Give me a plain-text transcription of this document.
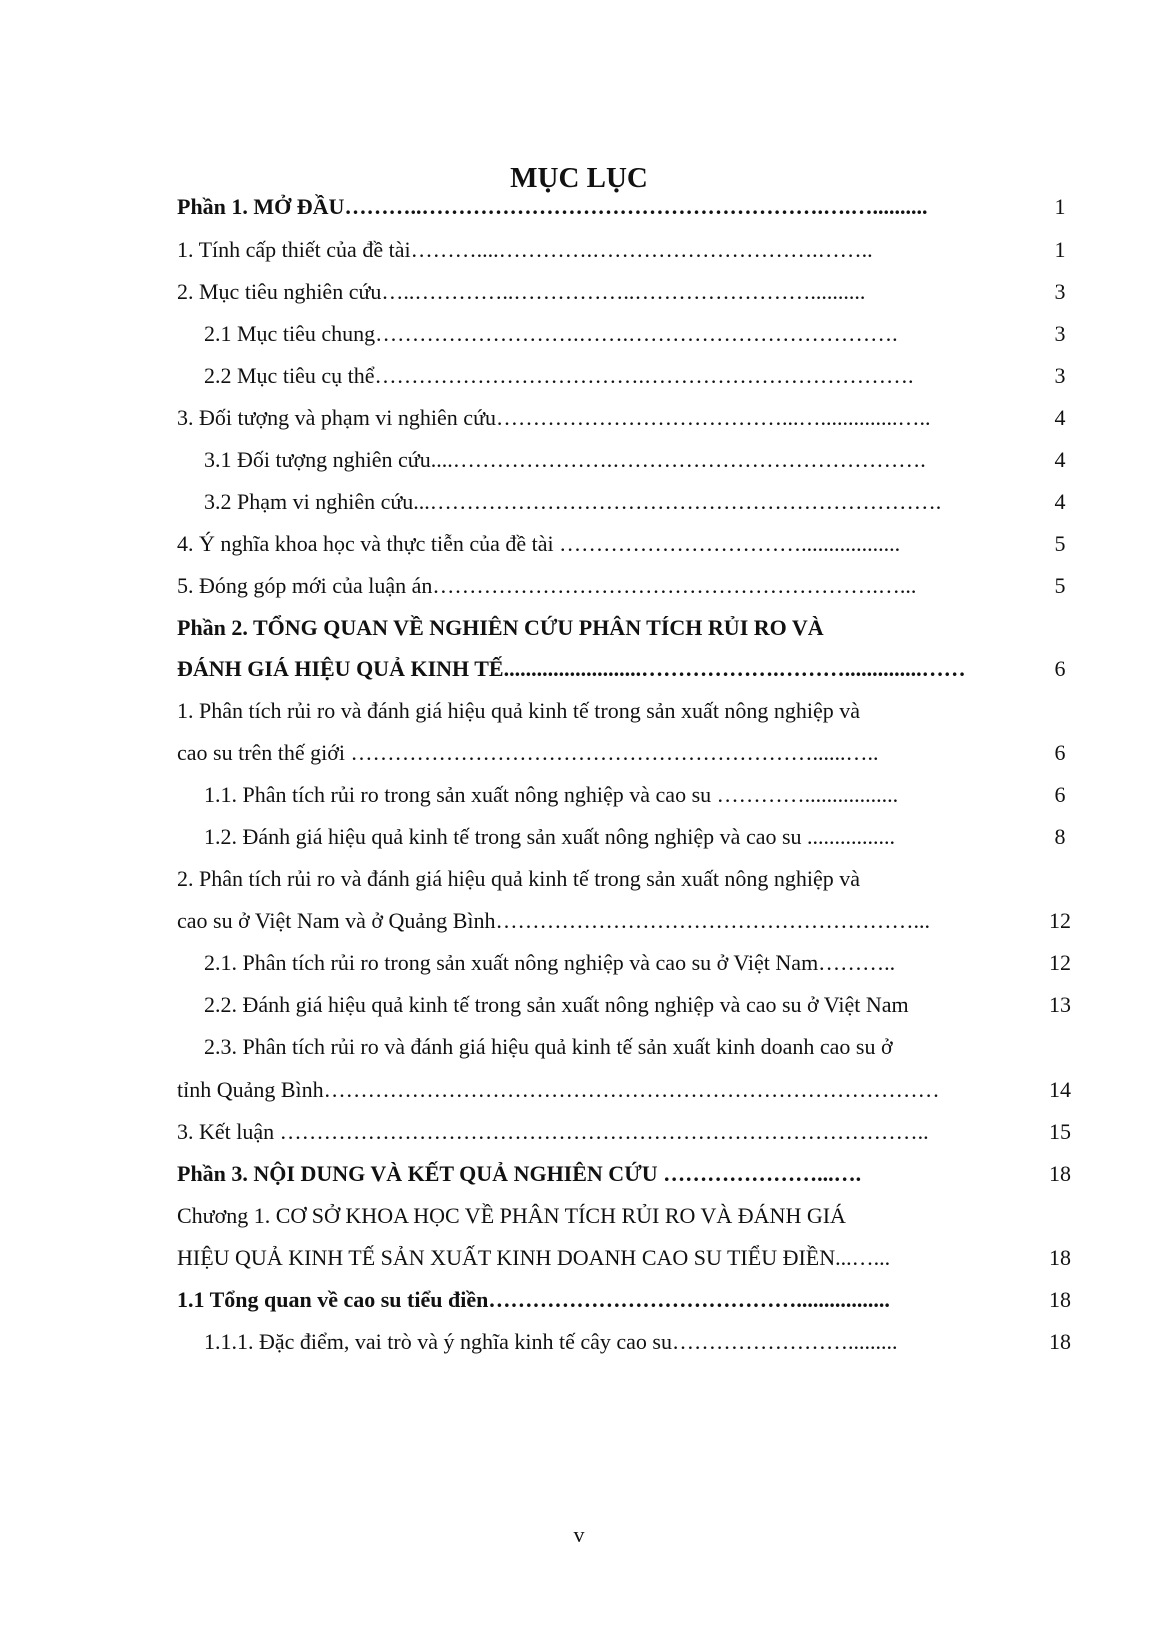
MỤC LỤC
Phần 1. MỞ ĐẦU………..……………………………………………….….…..........	1
1. Tính cấp thiết của đề tài………....………….………………………….……..	1
2. Mục tiêu nghiên cứu…..…………..……………..……………………..........	3
2.1 Mục tiêu chung……………………….…….……………………………….	3
2.2 Mục tiêu cụ thể……………………………….……………………………….	3
3. Đối tượng và phạm vi nghiên cứu…………………………………...…..............…..	4
3.1 Đối tượng nghiên cứu....………………….…………………………………….	4
3.2 Phạm vi nghiên cứu...…………………………………………………………….	4
4. Ý nghĩa khoa học và thực tiễn của đề tài ……………………………..................	5
5. Đóng góp mới của luận án…………………………………………………….…...	5
Phần 2. TỔNG QUAN VỀ NGHIÊN CỨU PHÂN TÍCH RỦI RO VÀ
ĐÁNH GIÁ HIỆU QUẢ KINH TẾ.........................……………….………..............……	6
1. Phân tích rủi ro và đánh giá hiệu quả kinh tế trong sản xuất nông nghiệp và
cao su trên thế giới ………………………………………………………......…..	6
1.1. Phân tích rủi ro trong sản xuất nông nghiệp và cao su ………….................	6
1.2. Đánh giá hiệu quả kinh tế trong sản xuất nông nghiệp và cao su ................	8
2. Phân tích rủi ro và đánh giá hiệu quả kinh tế trong sản xuất nông nghiệp và
cao su ở Việt Nam và ở Quảng Bình…………………………………………………...	12
2.1. Phân tích rủi ro trong sản xuất nông nghiệp và cao su ở Việt Nam………..	12
2.2. Đánh giá hiệu quả kinh tế trong sản xuất nông nghiệp và cao su ở Việt Nam	13
2.3. Phân tích rủi ro và đánh giá hiệu quả kinh tế sản xuất kinh doanh cao su ở
tỉnh Quảng Bình…………………………………………………………………………	14
3. Kết luận ……………………………………………………………………………..	15
Phần 3. NỘI DUNG VÀ KẾT QUẢ NGHIÊN CỨU …………………...….	18
Chương 1. CƠ SỞ KHOA HỌC VỀ PHÂN TÍCH RỦI RO VÀ ĐÁNH GIÁ
HIỆU QUẢ KINH TẾ SẢN XUẤT KINH DOANH CAO SU TIỂU ĐIỀN...…...	18
1.1 Tổng quan về cao su tiểu điền…………………………………….................	18
1.1.1. Đặc điểm, vai trò và ý nghĩa kinh tế cây cao su…………………….........	18
v
